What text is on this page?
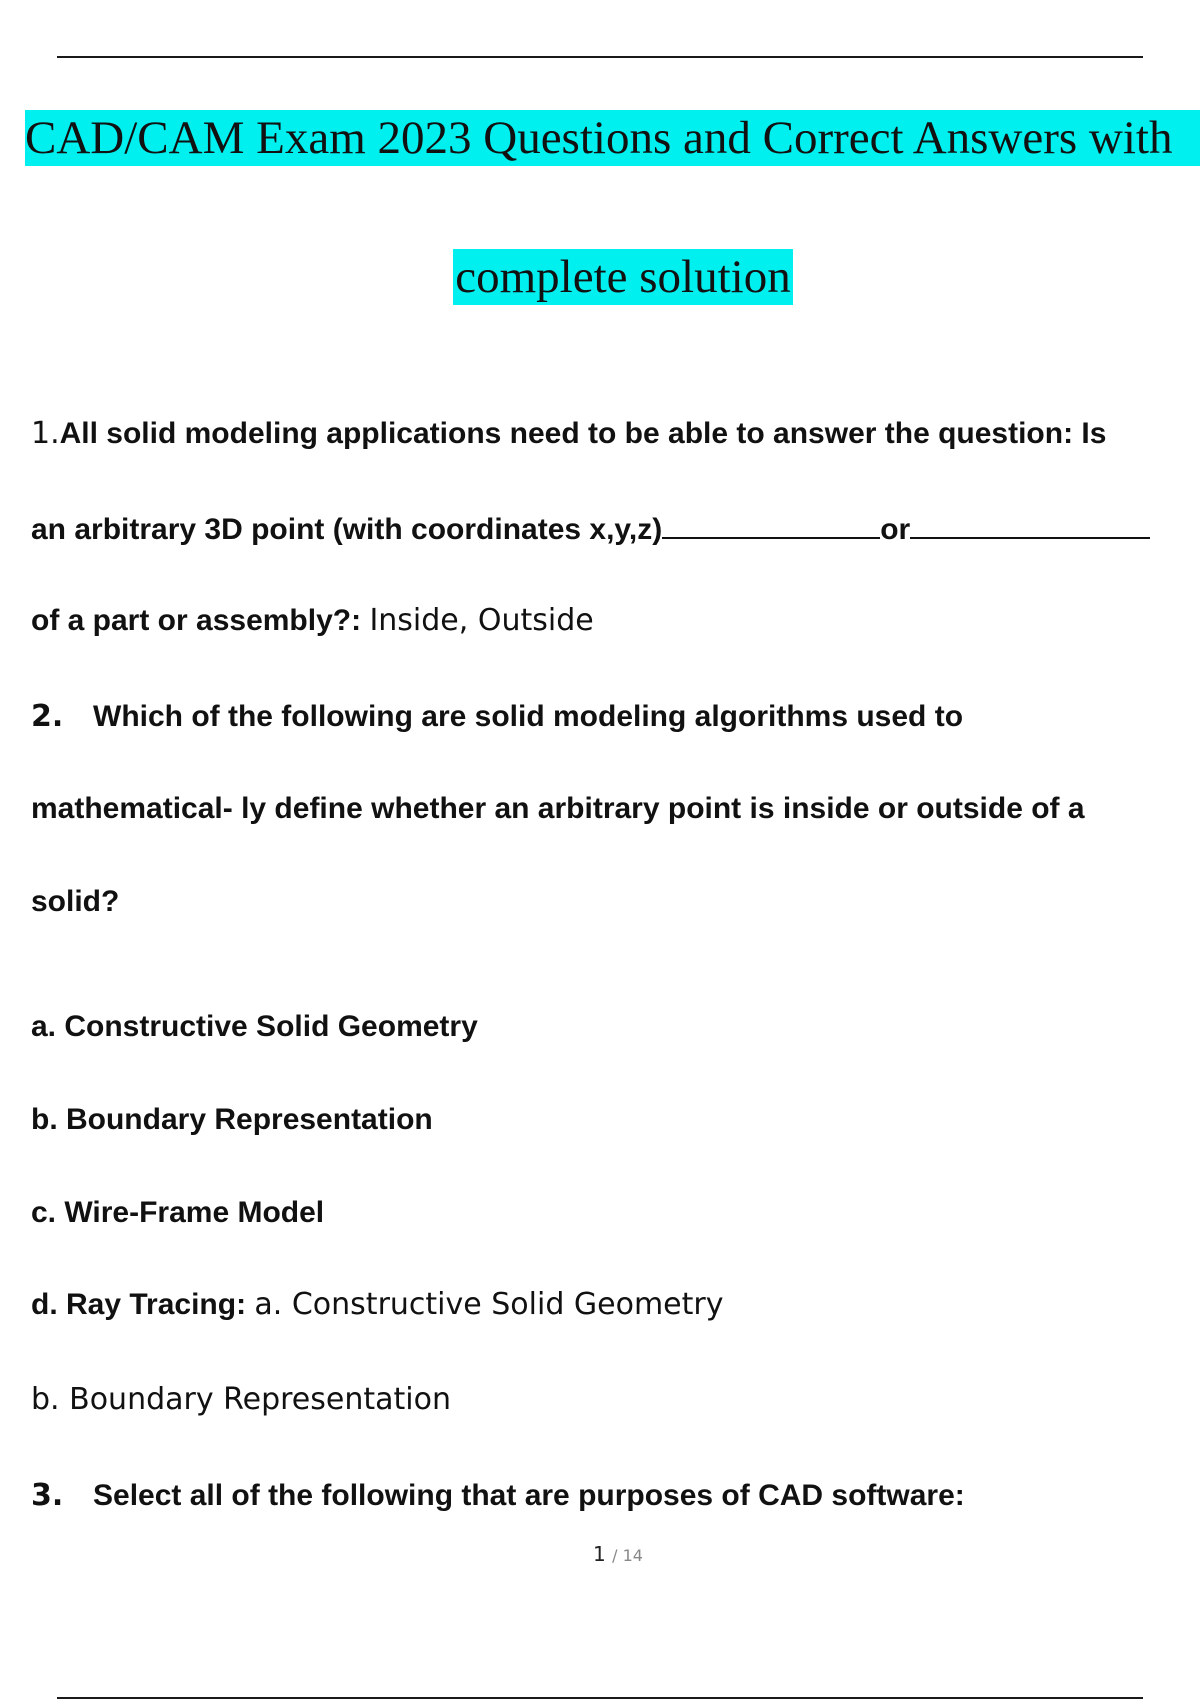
CAD/CAM Exam 2023 Questions and Correct Answers with
complete solution
1.All solid modeling applications need to be able to answer the question: Is
an arbitrary 3D point (with coordinates x,y,z)	or
of a part or assembly?: Inside, Outside
2. Which of the following are solid modeling algorithms used to
mathematical- ly define whether an arbitrary point is inside or outside of a
solid?
a. Constructive Solid Geometry
b. Boundary Representation
c. Wire-Frame Model
d. Ray Tracing: a. Constructive Solid Geometry
b. Boundary Representation
3. Select all of the following that are purposes of CAD software:
1 / 14
